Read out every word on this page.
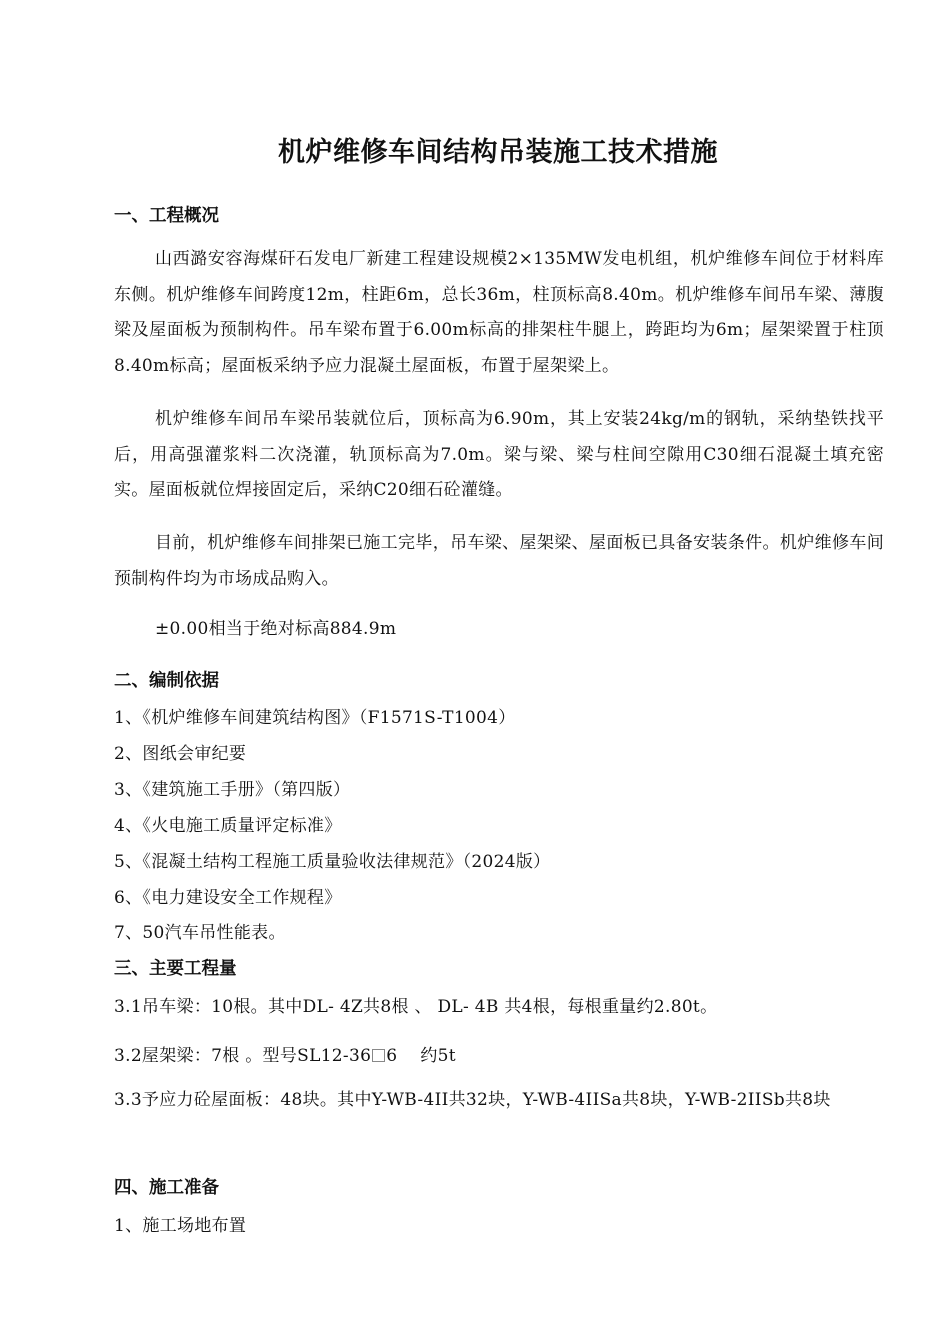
机炉维修车间结构吊装施工技术措施
一、工程概况

山西潞安容海煤矸石发电厂新建工程建设规模2×135MW发电机组，机炉维修车间位于材料库东侧。机炉维修车间跨度12m，柱距6m，总长36m，柱顶标高8.40m。机炉维修车间吊车梁、薄腹梁及屋面板为预制构件。吊车梁布置于6.00m标高的排架柱牛腿上，跨距均为6m；屋架梁置于柱顶8.40m标高；屋面板采纳予应力混凝土屋面板，布置于屋架梁上。

机炉维修车间吊车梁吊装就位后，顶标高为6.90m，其上安装24kg/m的钢轨，采纳垫铁找平后，用高强灌浆料二次浇灌，轨顶标高为7.0m。梁与梁、梁与柱间空隙用C30细石混凝土填充密实。屋面板就位焊接固定后，采纳C20细石砼灌缝。

目前，机炉维修车间排架已施工完毕，吊车梁、屋架梁、屋面板已具备安装条件。机炉维修车间预制构件均为市场成品购入。

±0.00相当于绝对标高884.9m

二、编制依据

1、《机炉维修车间建筑结构图》（F1571S-T1004）

2、图纸会审纪要

3、《建筑施工手册》（第四版）

4、《火电施工质量评定标准》

5、《混凝土结构工程施工质量验收法律规范》（2024版）

6、《电力建设安全工作规程》

7、50汽车吊性能表。

三、主要工程量

3.1吊车梁：10根。其中DL- 4Z共8根 、 DL- 4B 共4根，每根重量约2.80t。

3.2屋架梁：7根 。型号SL12-36 6 　约5t

3.3予应力砼屋面板：48块。其中Y-WB-4II共32块，Y-WB-4IISa共8块，Y-WB-2IISb共8块

四、施工准备

1、施工场地布置
